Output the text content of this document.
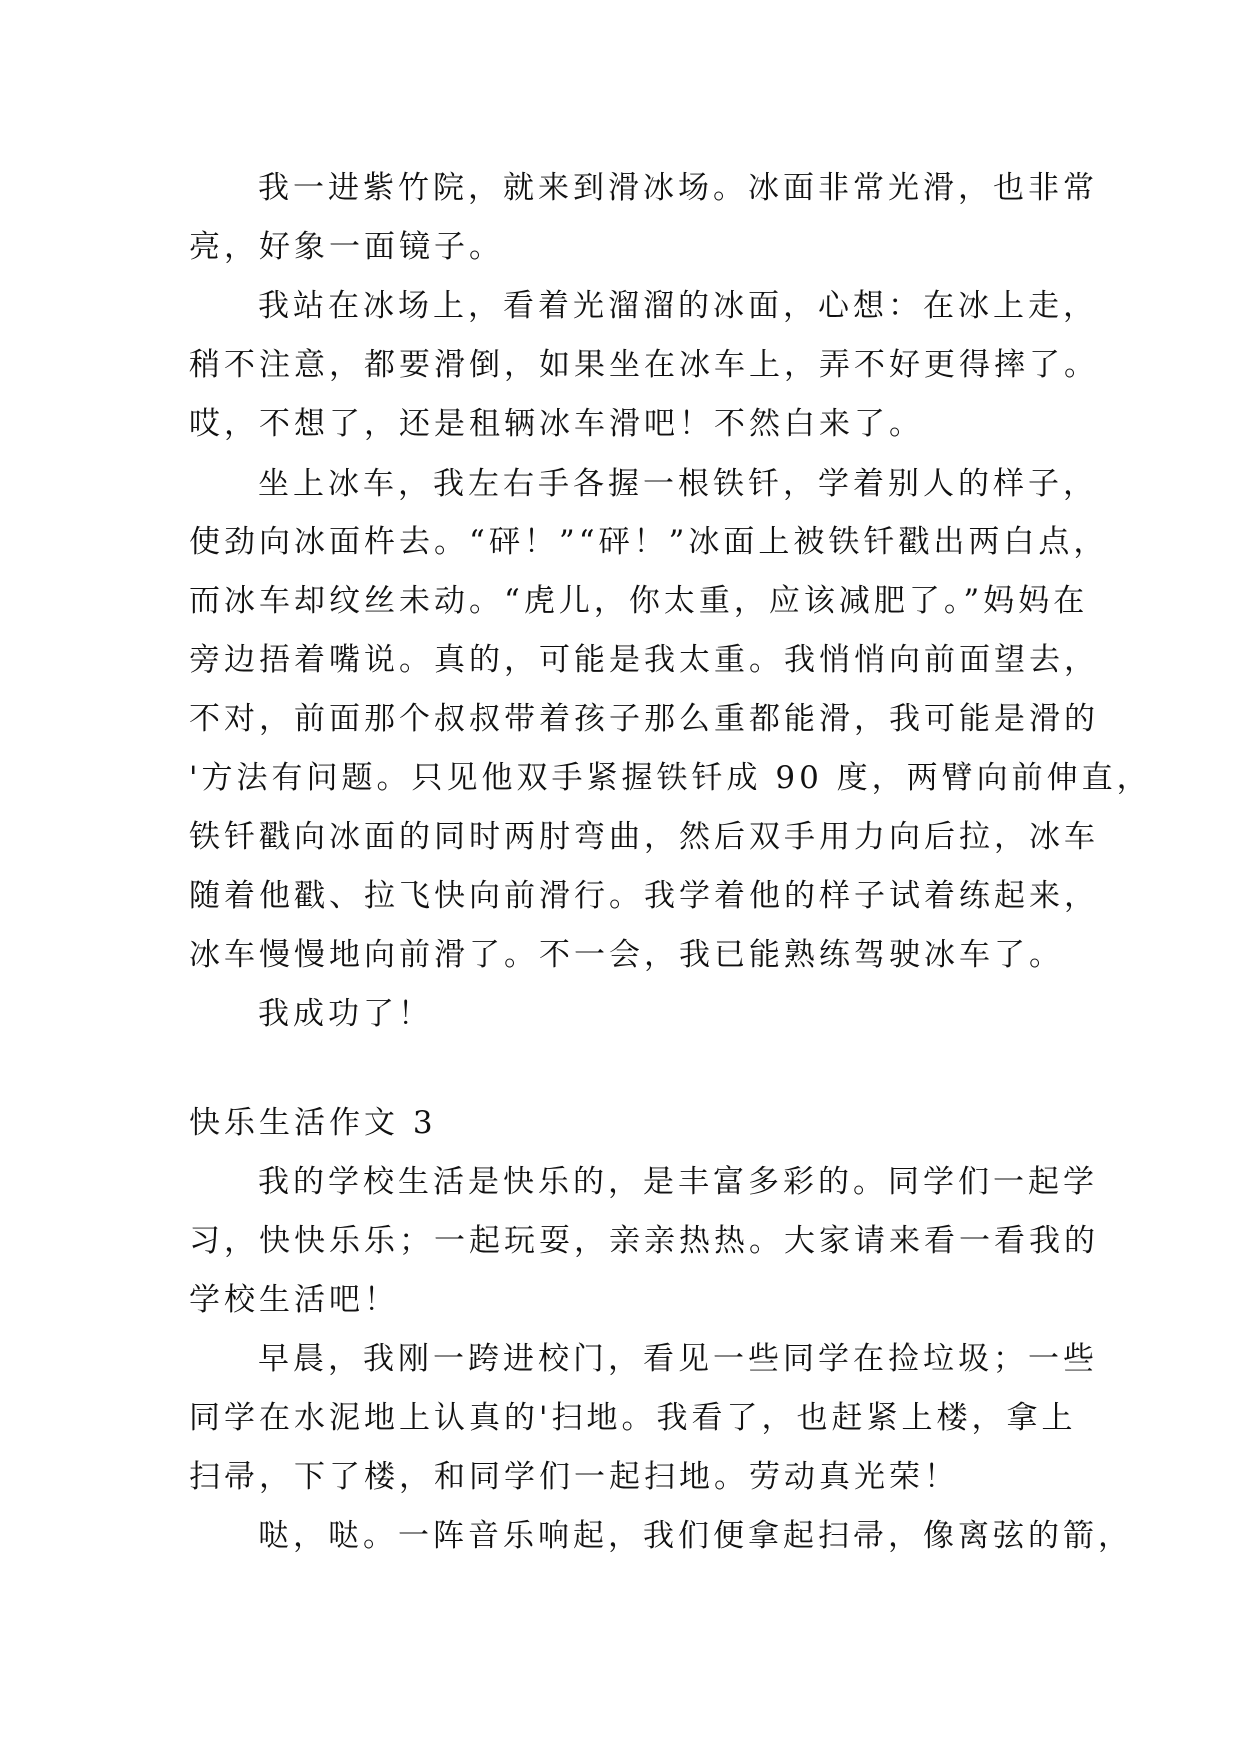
我一进紫竹院，就来到滑冰场。冰面非常光滑，也非常
亮，好象一面镜子。
我站在冰场上，看着光溜溜的冰面，心想：在冰上走，
稍不注意，都要滑倒，如果坐在冰车上，弄不好更得摔了。
哎，不想了，还是租辆冰车滑吧！不然白来了。
坐上冰车，我左右手各握一根铁钎，学着别人的样子，
使劲向冰面杵去。“砰！”“砰！”冰面上被铁钎戳出两白点，
而冰车却纹丝未动。“虎儿，你太重，应该减肥了。”妈妈在
旁边捂着嘴说。真的，可能是我太重。我悄悄向前面望去，
不对，前面那个叔叔带着孩子那么重都能滑，我可能是滑的
'方法有问题。只见他双手紧握铁钎成 90 度，两臂向前伸直，
铁钎戳向冰面的同时两肘弯曲，然后双手用力向后拉，冰车
随着他戳、拉飞快向前滑行。我学着他的样子试着练起来，
冰车慢慢地向前滑了。不一会，我已能熟练驾驶冰车了。
我成功了！
快乐生活作文 3
我的学校生活是快乐的，是丰富多彩的。同学们一起学
习，快快乐乐；一起玩耍，亲亲热热。大家请来看一看我的
学校生活吧！
早晨，我刚一跨进校门，看见一些同学在捡垃圾；一些
同学在水泥地上认真的'扫地。我看了，也赶紧上楼，拿上
扫帚，下了楼，和同学们一起扫地。劳动真光荣！
哒，哒。一阵音乐响起，我们便拿起扫帚，像离弦的箭，
